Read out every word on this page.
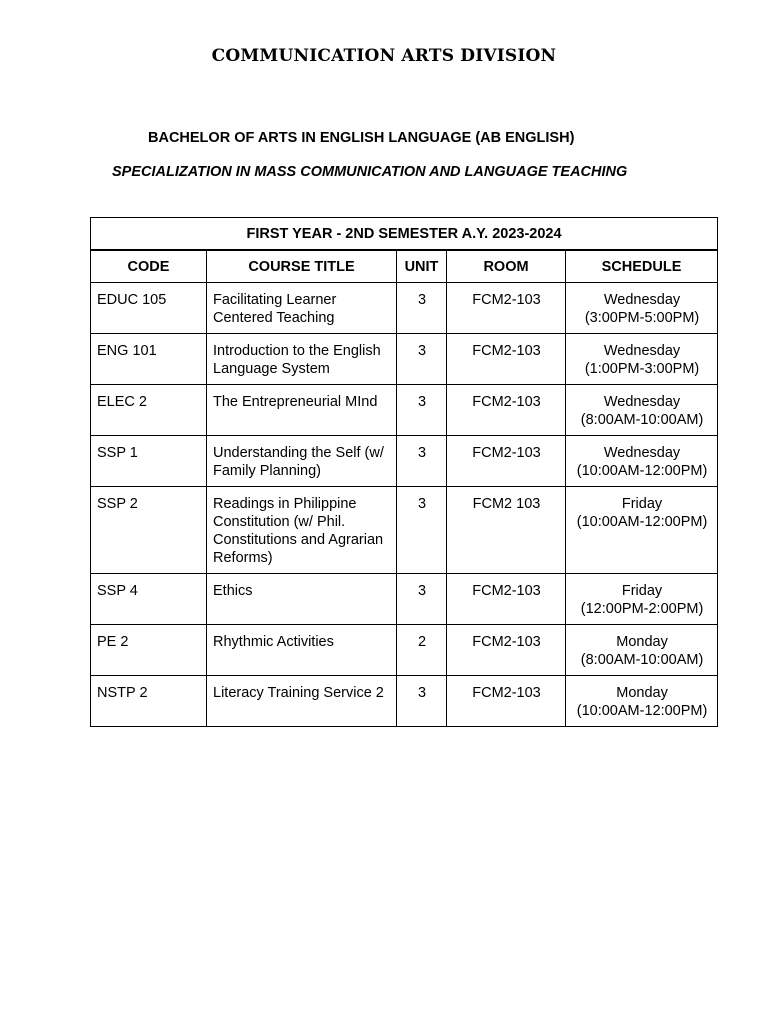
COMMUNICATION ARTS DIVISION
BACHELOR OF ARTS IN ENGLISH LANGUAGE (AB ENGLISH)
SPECIALIZATION IN MASS COMMUNICATION AND LANGUAGE TEACHING
FIRST YEAR - 2ND SEMESTER A.Y. 2023-2024				
CODE	COURSE TITLE	UNIT	ROOM	SCHEDULE
EDUC 105	Facilitating Learner Centered Teaching	3	FCM2-103	Wednesday
(3:00PM-5:00PM)

ENG 101	Introduction to the English Language System	3	FCM2-103	Wednesday
(1:00PM-3:00PM)

ELEC 2	The Entrepreneurial MInd	3	FCM2-103	Wednesday
(8:00AM-10:00AM)

SSP 1	Understanding the Self (w/ Family Planning)	3	FCM2-103	Wednesday
(10:00AM-12:00PM)

SSP 2	Readings in Philippine Constitution (w/ Phil. Constitutions and Agrarian Reforms)	3	FCM2 103	Friday
(10:00AM-12:00PM)

SSP 4	Ethics	3	FCM2-103	Friday
(12:00PM-2:00PM)

PE 2	Rhythmic Activities	2	FCM2-103	Monday
(8:00AM-10:00AM)

NSTP 2	Literacy Training Service 2	3	FCM2-103	Monday
(10:00AM-12:00PM)
